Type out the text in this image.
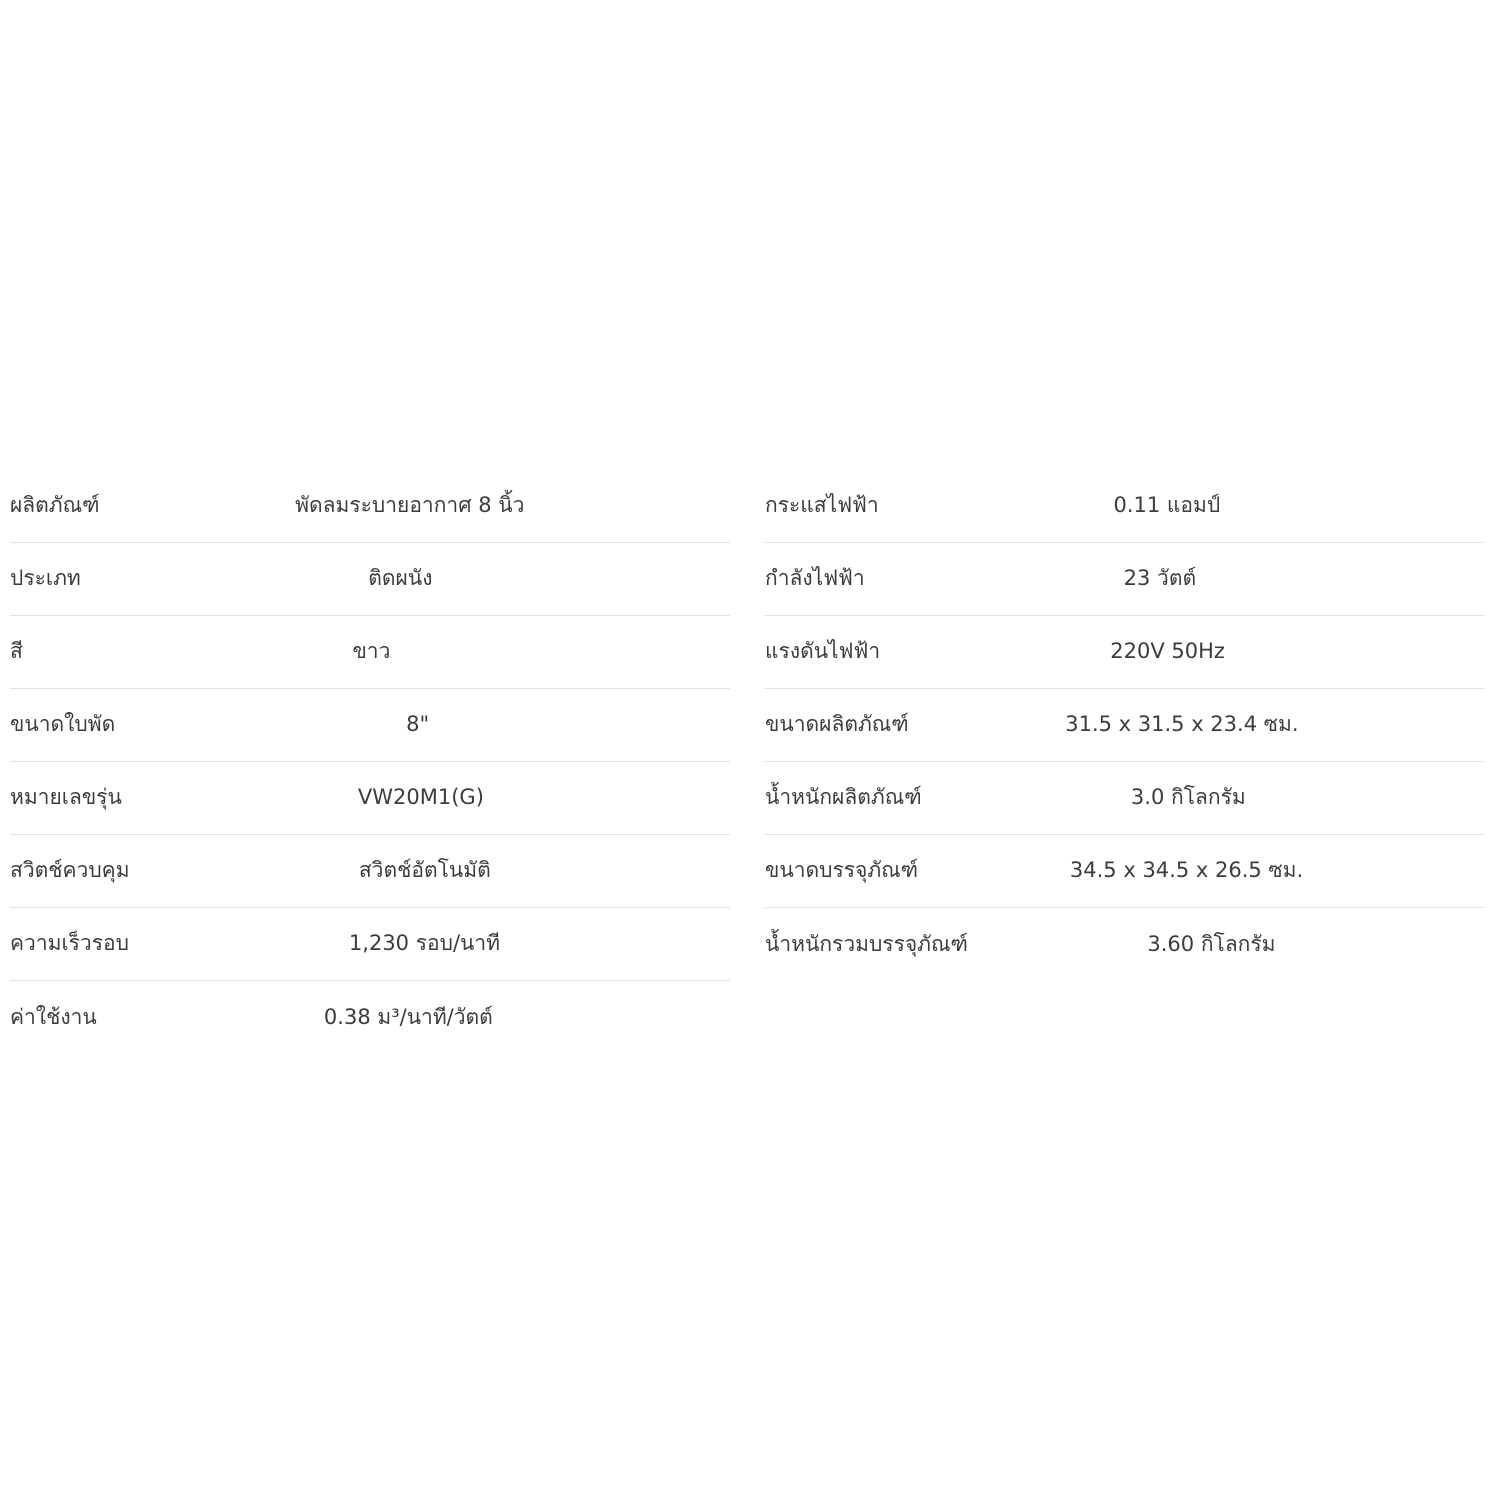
ผลิตภัณฑ์	พัดลมระบายอากาศ 8 นิ้ว
ประเภท	ติดผนัง
สี	ขาว
ขนาดใบพัด	8"
หมายเลขรุ่น	VW20M1(G)
สวิตช์ควบคุม	สวิตช์อัตโนมัติ
ความเร็วรอบ	1,230 รอบ/นาที
ค่าใช้งาน	0.38 ม³/นาที/วัตต์
กระแสไฟฟ้า	0.11 แอมป์
กำลังไฟฟ้า	23 วัตต์
แรงดันไฟฟ้า	220V 50Hz
ขนาดผลิตภัณฑ์	31.5 x 31.5 x 23.4 ซม.
น้ำหนักผลิตภัณฑ์	3.0 กิโลกรัม
ขนาดบรรจุภัณฑ์	34.5 x 34.5 x 26.5 ซม.
น้ำหนักรวมบรรจุภัณฑ์	3.60 กิโลกรัม
